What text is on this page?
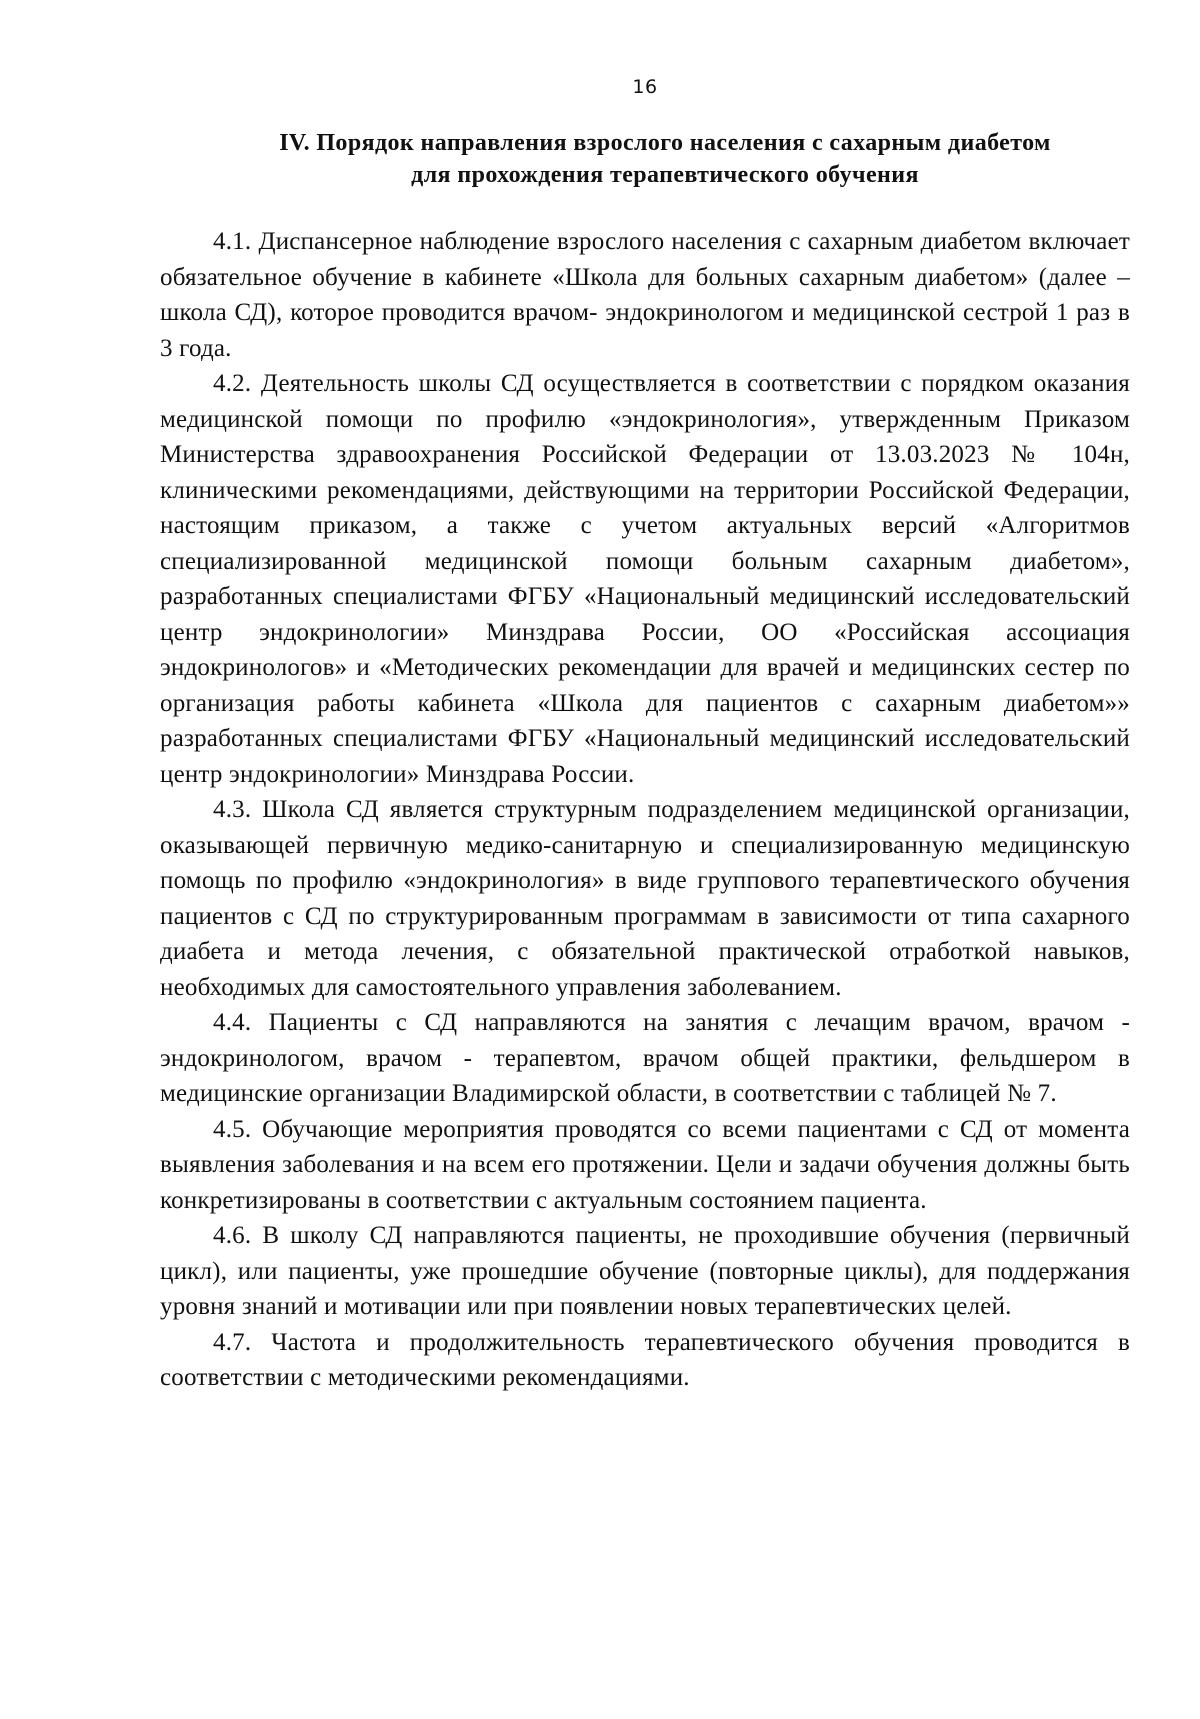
16
IV. Порядок направления взрослого населения с сахарным диабетом
для прохождения терапевтического обучения

4.1. Диспансерное наблюдение взрослого населения с сахарным диабетом включает обязательное обучение в кабинете «Школа для больных сахарным диабетом» (далее – школа СД), которое проводится врачом- эндокринологом и медицинской сестрой 1 раз в 3 года.

4.2. Деятельность школы СД осуществляется в соответствии с порядком оказания медицинской помощи по профилю «эндокринология», утвержденным Приказом Министерства здравоохранения Российской Федерации от 13.03.2023 № 104н, клиническими рекомендациями, действующими на территории Российской Федерации, настоящим приказом, а также с учетом актуальных версий «Алгоритмов специализированной медицинской помощи больным сахарным диабетом», разработанных специалистами ФГБУ «Национальный медицинский исследовательский центр эндокринологии» Минздрава России, ОО «Российская ассоциация эндокринологов» и «Методических рекомендации для врачей и медицинских сестер по организация работы кабинета «Школа для пациентов с сахарным диабетом»» разработанных специалистами ФГБУ «Национальный медицинский исследовательский центр эндокринологии» Минздрава России.

4.3. Школа СД является структурным подразделением медицинской организации, оказывающей первичную медико-санитарную и специализированную медицинскую помощь по профилю «эндокринология» в виде группового терапевтического обучения пациентов с СД по структурированным программам в зависимости от типа сахарного диабета и метода лечения, с обязательной практической отработкой навыков, необходимых для самостоятельного управления заболеванием.

4.4. Пациенты с СД направляются на занятия с лечащим врачом, врачом - эндокринологом, врачом - терапевтом, врачом общей практики, фельдшером в медицинские организации Владимирской области, в соответствии с таблицей № 7.

4.5. Обучающие мероприятия проводятся со всеми пациентами с СД от момента выявления заболевания и на всем его протяжении. Цели и задачи обучения должны быть конкретизированы в соответствии с актуальным состоянием пациента.

4.6. В школу СД направляются пациенты, не проходившие обучения (первичный цикл), или пациенты, уже прошедшие обучение (повторные циклы), для поддержания уровня знаний и мотивации или при появлении новых терапевтических целей.

4.7. Частота и продолжительность терапевтического обучения проводится в соответствии с методическими рекомендациями.
